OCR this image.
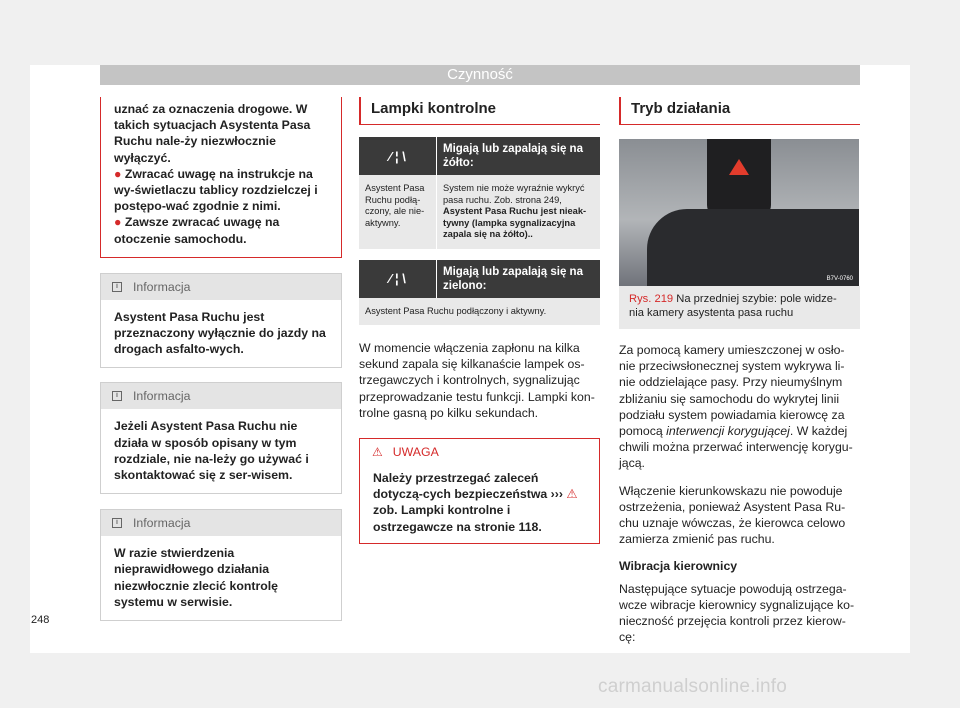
Czynność

uznać za oznaczenia drogowe. W takich sytuacjach Asystenta Pasa Ruchu nale-ży niezwłocznie wyłączyć.

● Zwracać uwagę na instrukcje na wy-świetlaczu tablicy rozdzielczej i postępo-wać zgodnie z nimi.

● Zawsze zwracać uwagę na otoczenie samochodu.

i	Informacja
Asystent Pasa Ruchu jest przeznaczony wyłącznie do jazdy na drogach asfalto-wych.
i	Informacja
Jeżeli Asystent Pasa Ruchu nie działa w sposób opisany w tym rozdziale, nie na-leży go używać i skontaktować się z ser-wisem.
i	Informacja
W razie stwierdzenia nieprawidłowego działania niezwłocznie zlecić kontrolę systemu w serwisie.
Lampki kontrolne
⁄ ¦ \	Migają lub zapalają się na żółto:
Asystent Pasa Ruchu podłą-czony, ale nie-aktywny.	System nie może wyraźnie wykryć pasa ruchu. Zob. strona 249, Asystent Pasa Ruchu jest nieak-tywny (lampka sygnalizacyjna zapala się na żółto)..
⁄ ¦ \	Migają lub zapalają się na zielono:
Asystent Pasa Ruchu podłączony i aktywny.

W momencie włączenia zapłonu na kilka sekund zapala się kilkanaście lampek os-trzegawczych i kontrolnych, sygnalizując przeprowadzanie testu funkcji. Lampki kon-trolne gasną po kilku sekundach.

⚠ UWAGA
Należy przestrzegać zaleceń dotyczą-cych bezpieczeństwa ››› ⚠ zob. Lampki kontrolne i ostrzegawcze na stronie 118.
Tryb działania
B7V-0760
Rys. 219 Na przedniej szybie: pole widze-nia kamery asystenta pasa ruchu

Za pomocą kamery umieszczonej w osło-nie przeciwsłonecznej system wykrywa li-nie oddzielające pasy. Przy nieumyślnym zbliżaniu się samochodu do wykrytej linii podziału system powiadamia kierowcę za pomocą interwencji korygującej. W każdej chwili można przerwać interwencję korygu-jącą.

Włączenie kierunkowskazu nie powoduje ostrzeżenia, ponieważ Asystent Pasa Ru-chu uznaje wówczas, że kierowca celowo zamierza zmienić pas ruchu.

Wibracja kierownicy

Następujące sytuacje powodują ostrzega-wcze wibracje kierownicy sygnalizujące ko-nieczność przejęcia kontroli przez kierow-cę:

248
carmanualsonline.info
